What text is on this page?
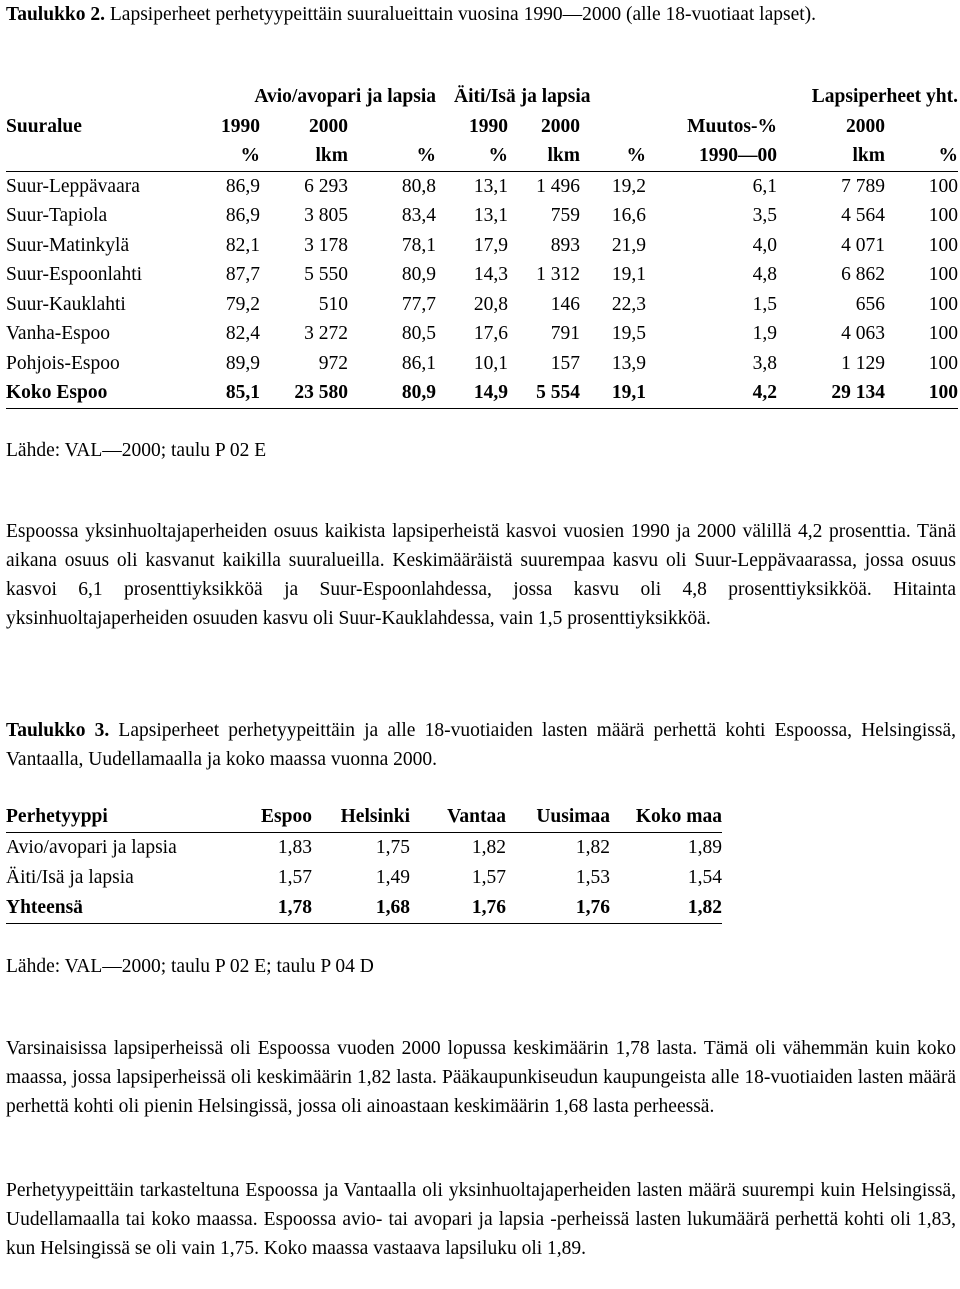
Taulukko 2. Lapsiperheet perhetyypeittäin suuralueittain vuosina 1990—2000 (alle 18-vuotiaat lapset).
	Avio/avopari ja lapsia			Äiti/Isä ja lapsia				Lapsiperheet yht.	
Suuralue	1990	2000		1990	2000		Muutos-%	2000	
	%	lkm	%	%	lkm	%	1990—00	lkm	%
Suur-Leppävaara	86,9	6 293	80,8	13,1	1 496	19,2	6,1	7 789	100
Suur-Tapiola	86,9	3 805	83,4	13,1	759	16,6	3,5	4 564	100
Suur-Matinkylä	82,1	3 178	78,1	17,9	893	21,9	4,0	4 071	100
Suur-Espoonlahti	87,7	5 550	80,9	14,3	1 312	19,1	4,8	6 862	100
Suur-Kauklahti	79,2	510	77,7	20,8	146	22,3	1,5	656	100
Vanha-Espoo	82,4	3 272	80,5	17,6	791	19,5	1,9	4 063	100
Pohjois-Espoo	89,9	972	86,1	10,1	157	13,9	3,8	1 129	100
Koko Espoo	85,1	23 580	80,9	14,9	5 554	19,1	4,2	29 134	100
Lähde: VAL—2000; taulu P 02 E
Espoossa yksinhuoltajaperheiden osuus kaikista lapsiperheistä kasvoi vuosien 1990 ja 2000 välillä 4,2 prosenttia. Tänä aikana osuus oli kasvanut kaikilla suuralueilla. Keskimääräistä suurempaa kasvu oli Suur-Leppävaarassa, jossa osuus kasvoi 6,1 prosenttiyksikköä ja Suur-Espoonlahdessa, jossa kasvu oli 4,8 prosenttiyksikköä. Hitainta yksinhuoltajaperheiden osuuden kasvu oli Suur-Kauklahdessa, vain 1,5 prosenttiyksikköä.
Taulukko 3. Lapsiperheet perhetyypeittäin ja alle 18-vuotiaiden lasten määrä perhettä kohti Espoossa, Helsingissä, Vantaalla, Uudellamaalla ja koko maassa vuonna 2000.
Perhetyyppi	Espoo	Helsinki	Vantaa	Uusimaa	Koko maa
Avio/avopari ja lapsia	1,83	1,75	1,82	1,82	1,89
Äiti/Isä ja lapsia	1,57	1,49	1,57	1,53	1,54
Yhteensä	1,78	1,68	1,76	1,76	1,82
Lähde: VAL—2000; taulu P 02 E; taulu P 04 D
Varsinaisissa lapsiperheissä oli Espoossa vuoden 2000 lopussa keskimäärin 1,78 lasta. Tämä oli vähemmän kuin koko maassa, jossa lapsiperheissä oli keskimäärin 1,82 lasta. Pääkaupunkiseudun kaupungeista alle 18-vuotiaiden lasten määrä perhettä kohti oli pienin Helsingissä, jossa oli ainoastaan keskimäärin 1,68 lasta perheessä.
Perhetyypeittäin tarkasteltuna Espoossa ja Vantaalla oli yksinhuoltajaperheiden lasten määrä suurempi kuin Helsingissä, Uudellamaalla tai koko maassa. Espoossa avio- tai avopari ja lapsia -perheissä lasten lukumäärä perhettä kohti oli 1,83, kun Helsingissä se oli vain 1,75. Koko maassa vastaava lapsiluku oli 1,89.
